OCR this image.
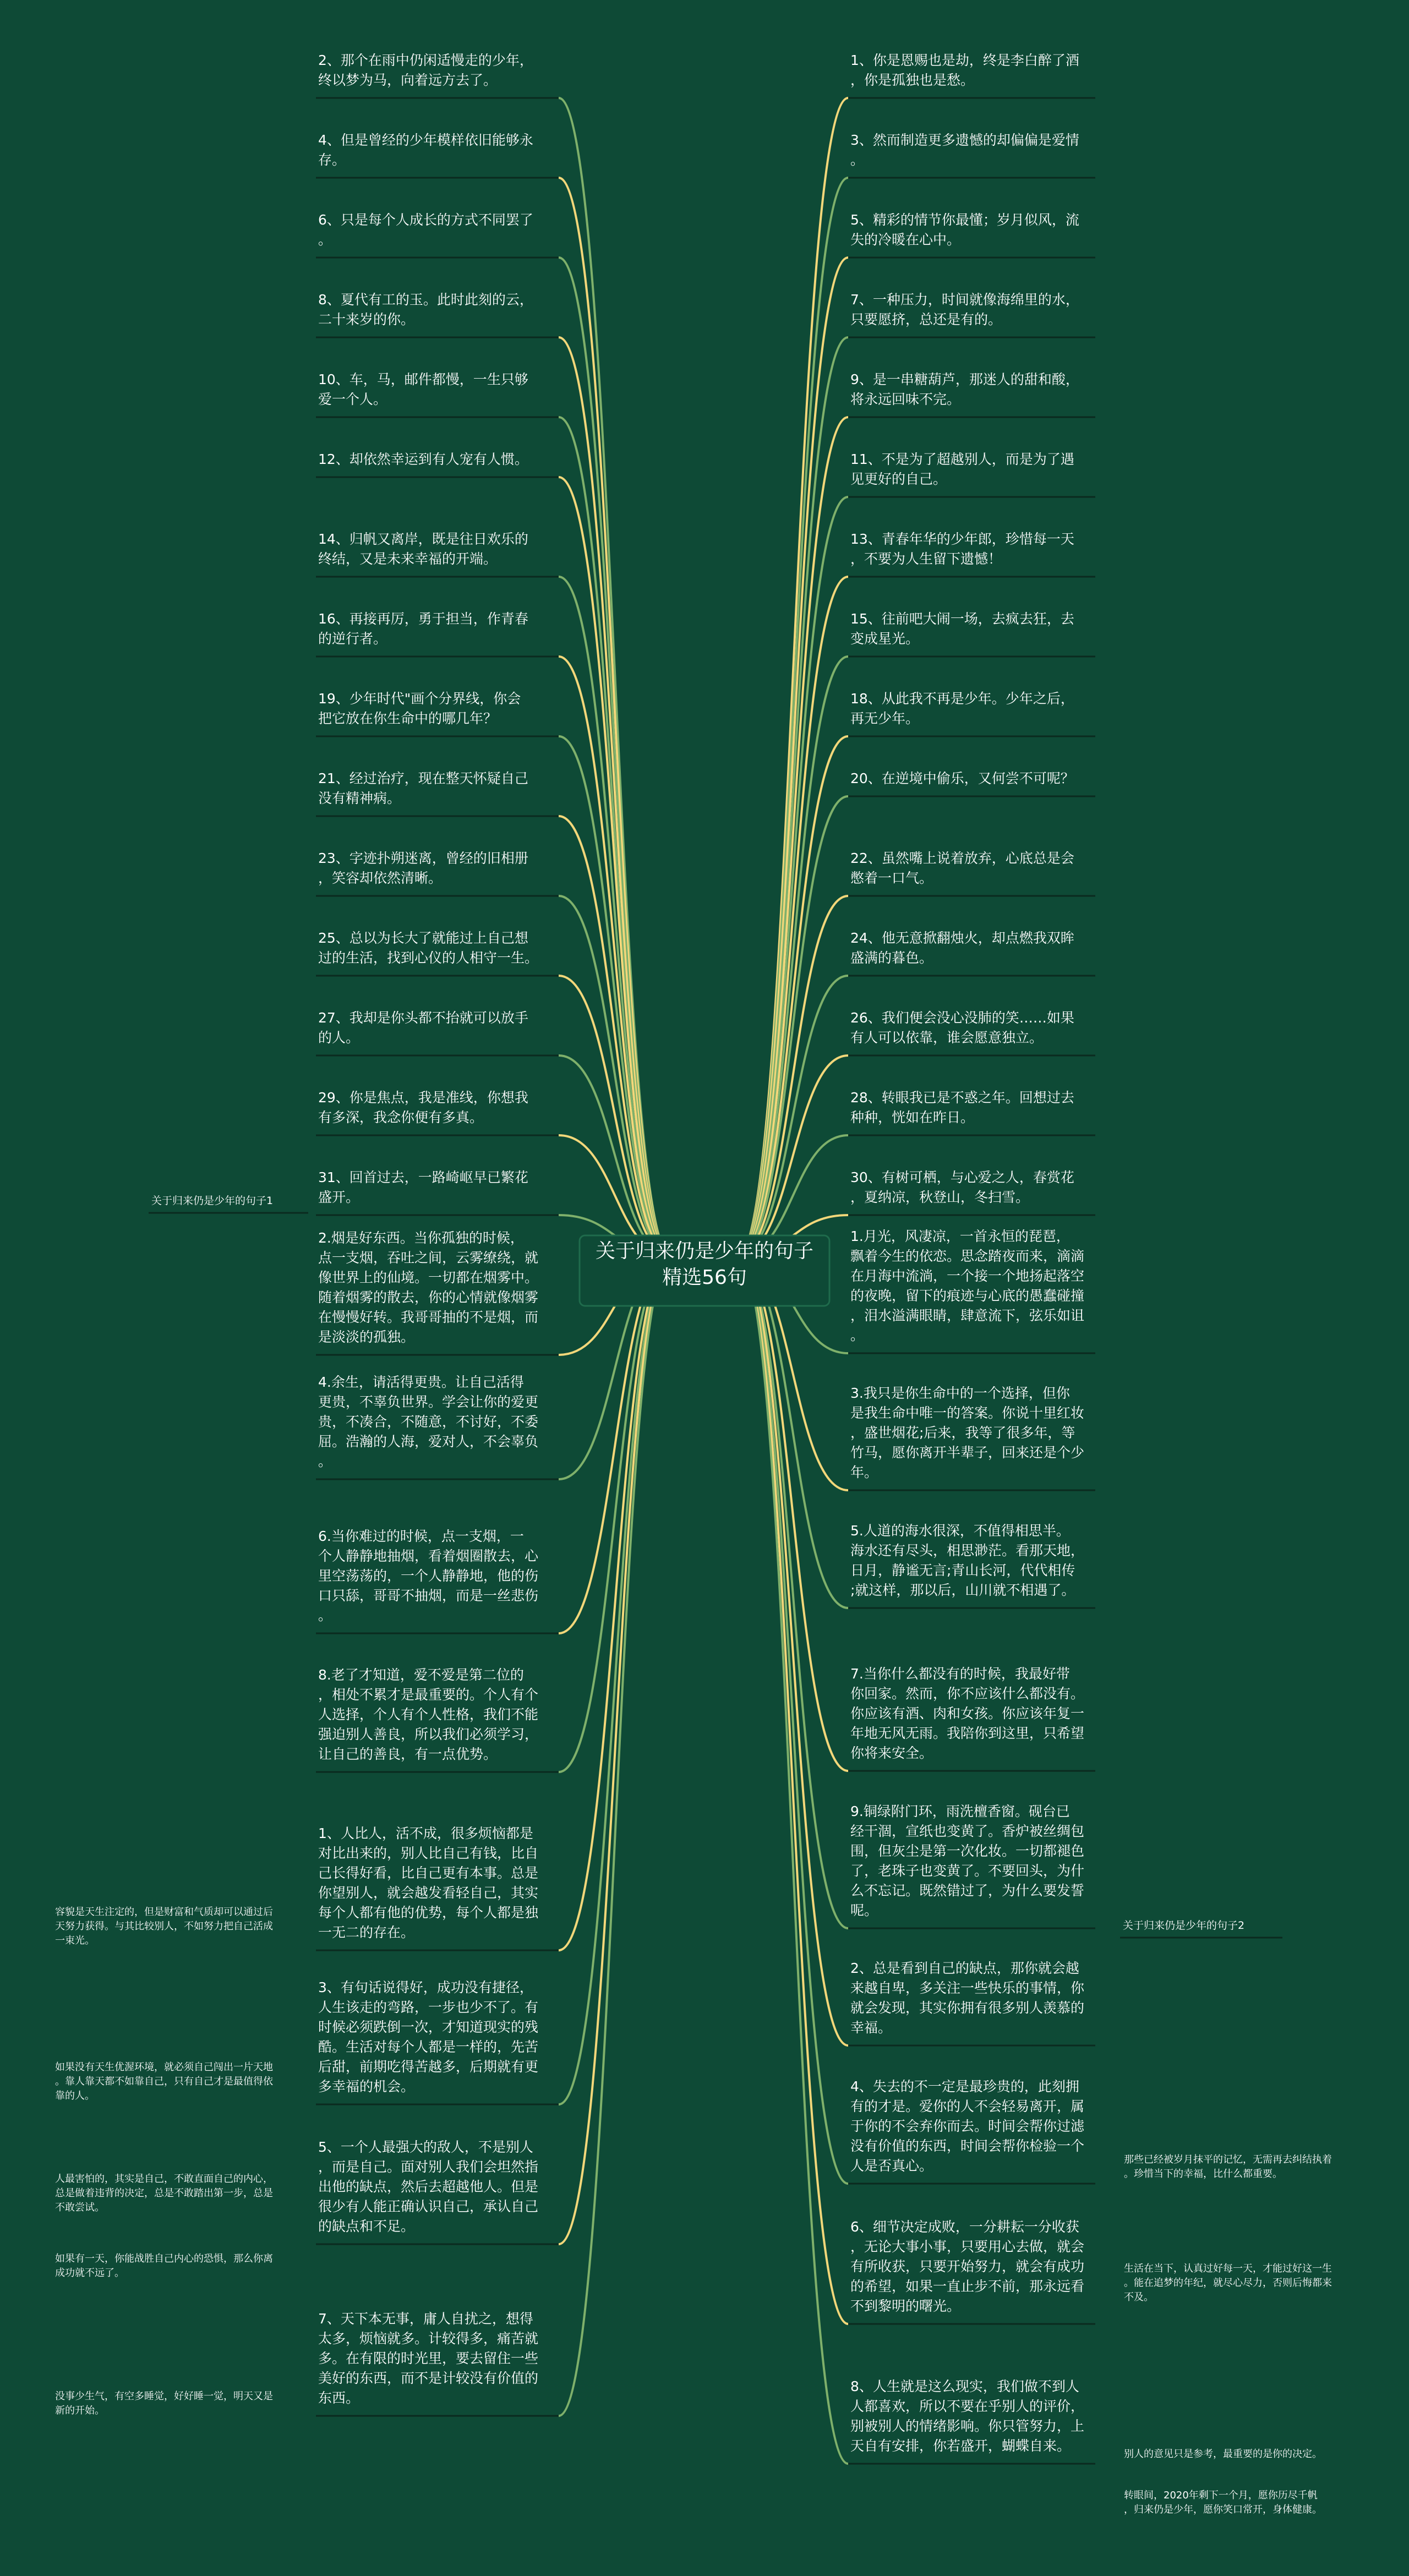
2、那个在雨中仍闲适慢走的少年，终以梦为马，向着远方去了。
4、但是曾经的少年模样依旧能够永存。
6、只是每个人成长的方式不同罢了。
8、夏代有工的玉。此时此刻的云，二十来岁的你。
10、车，马，邮件都慢，一生只够爱一个人。
12、却依然幸运到有人宠有人惯。
14、归帆又离岸，既是往日欢乐的终结，又是未来幸福的开端。
16、再接再厉，勇于担当，作青春的逆行者。
19、少年时代"画个分界线，你会把它放在你生命中的哪几年？
21、经过治疗，现在整天怀疑自己没有精神病。
23、字迹扑朔迷离，曾经的旧相册，笑容却依然清晰。
25、总以为长大了就能过上自己想过的生活，找到心仪的人相守一生。
27、我却是你头都不抬就可以放手的人。
29、你是焦点，我是准线，你想我有多深，我念你便有多真。
31、回首过去，一路崎岖早已繁花盛开。
2.烟是好东西。当你孤独的时候，点一支烟，吞吐之间，云雾缭绕，就像世界上的仙境。一切都在烟雾中。随着烟雾的散去，你的心情就像烟雾在慢慢好转。我哥哥抽的不是烟，而是淡淡的孤独。
4.余生，请活得更贵。让自己活得更贵，不辜负世界。学会让你的爱更贵，不凑合，不随意，不讨好，不委屈。浩瀚的人海，爱对人，不会辜负。
6.当你难过的时候，点一支烟，一个人静静地抽烟，看着烟圈散去，心里空荡荡的，一个人静静地，他的伤口只舔，哥哥不抽烟，而是一丝悲伤。
8.老了才知道，爱不爱是第二位的，相处不累才是最重要的。个人有个人选择，个人有个人性格，我们不能强迫别人善良，所以我们必须学习，让自己的善良，有一点优势。
1、人比人，活不成，很多烦恼都是对比出来的，别人比自己有钱，比自己长得好看，比自己更有本事。总是你望别人，就会越发看轻自己，其实每个人都有他的优势，每个人都是独一无二的存在。
3、有句话说得好，成功没有捷径，人生该走的弯路，一步也少不了。有时候必须跌倒一次，才知道现实的残酷。生活对每个人都是一样的，先苦后甜，前期吃得苦越多，后期就有更多幸福的机会。
5、一个人最强大的敌人，不是别人，而是自己。面对别人我们会坦然指出他的缺点，然后去超越他人。但是很少有人能正确认识自己，承认自己的缺点和不足。
7、天下本无事，庸人自扰之，想得太多，烦恼就多。计较得多，痛苦就多。在有限的时光里，要去留住一些美好的东西，而不是计较没有价值的东西。
1、你是恩赐也是劫，终是李白醉了酒，你是孤独也是愁。
3、然而制造更多遗憾的却偏偏是爱情。
5、精彩的情节你最懂；岁月似风，流失的冷暖在心中。
7、一种压力，时间就像海绵里的水，只要愿挤，总还是有的。
9、是一串糖葫芦，那迷人的甜和酸，将永远回味不完。
11、不是为了超越别人，而是为了遇见更好的自己。
13、青春年华的少年郎，珍惜每一天，不要为人生留下遗憾！
15、往前吧大闹一场，去疯去狂，去变成星光。
18、从此我不再是少年。少年之后，再无少年。
20、在逆境中偷乐，又何尝不可呢？
22、虽然嘴上说着放弃，心底总是会憋着一口气。
24、他无意掀翻烛火，却点燃我双眸盛满的暮色。
26、我们便会没心没肺的笑……如果有人可以依靠，谁会愿意独立。
28、转眼我已是不惑之年。回想过去种种，恍如在昨日。
30、有树可栖，与心爱之人，春赏花，夏纳凉，秋登山，冬扫雪。
1.月光，风凄凉，一首永恒的琵琶，飘着今生的依恋。思念踏夜而来，滴滴在月海中流淌，一个接一个地扬起落空的夜晚，留下的痕迹与心底的愚蠢碰撞，泪水溢满眼睛，肆意流下，弦乐如诅。
3.我只是你生命中的一个选择，但你是我生命中唯一的答案。你说十里红妆，盛世烟花;后来，我等了很多年，等竹马，愿你离开半辈子，回来还是个少年。
5.人道的海水很深，不值得相思半。海水还有尽头，相思渺茫。看那天地，日月，静谧无言;青山长河，代代相传;就这样，那以后，山川就不相遇了。
7.当你什么都没有的时候，我最好带你回家。然而，你不应该什么都没有。你应该有酒、肉和女孩。你应该年复一年地无风无雨。我陪你到这里，只希望你将来安全。
9.铜绿附门环，雨洗檀香窗。砚台已经干涸，宣纸也变黄了。香炉被丝绸包围，但灰尘是第一次化妆。一切都褪色了，老珠子也变黄了。不要回头，为什么不忘记。既然错过了，为什么要发誓呢。
2、总是看到自己的缺点，那你就会越来越自卑，多关注一些快乐的事情，你就会发现，其实你拥有很多别人羡慕的幸福。
4、失去的不一定是最珍贵的，此刻拥有的才是。爱你的人不会轻易离开，属于你的不会弃你而去。时间会帮你过滤没有价值的东西，时间会帮你检验一个人是否真心。
6、细节决定成败，一分耕耘一分收获，无论大事小事，只要用心去做，就会有所收获，只要开始努力，就会有成功的希望，如果一直止步不前，那永远看不到黎明的曙光。
8、人生就是这么现实，我们做不到人人都喜欢，所以不要在乎别人的评价，别被别人的情绪影响。你只管努力，上天自有安排，你若盛开，蝴蝶自来。
关于归来仍是少年的句子1
关于归来仍是少年的句子2
容貌是天生注定的，但是财富和气质却可以通过后天努力获得。与其比较别人，不如努力把自己活成一束光。
如果没有天生优渥环境，就必须自己闯出一片天地。靠人靠天都不如靠自己，只有自己才是最值得依靠的人。
人最害怕的，其实是自己，不敢直面自己的内心，总是做着违背的决定，总是不敢踏出第一步，总是不敢尝试。
如果有一天，你能战胜自己内心的恐惧，那么你离成功就不远了。
没事少生气，有空多睡觉，好好睡一觉，明天又是新的开始。
那些已经被岁月抹平的记忆，无需再去纠结执着。珍惜当下的幸福，比什么都重要。
生活在当下，认真过好每一天，才能过好这一生。能在追梦的年纪，就尽心尽力，否则后悔都来不及。
别人的意见只是参考，最重要的是你的决定。
转眼间，2020年剩下一个月，愿你历尽千帆，归来仍是少年，愿你笑口常开，身体健康。
关于归来仍是少年的句子精选56句
